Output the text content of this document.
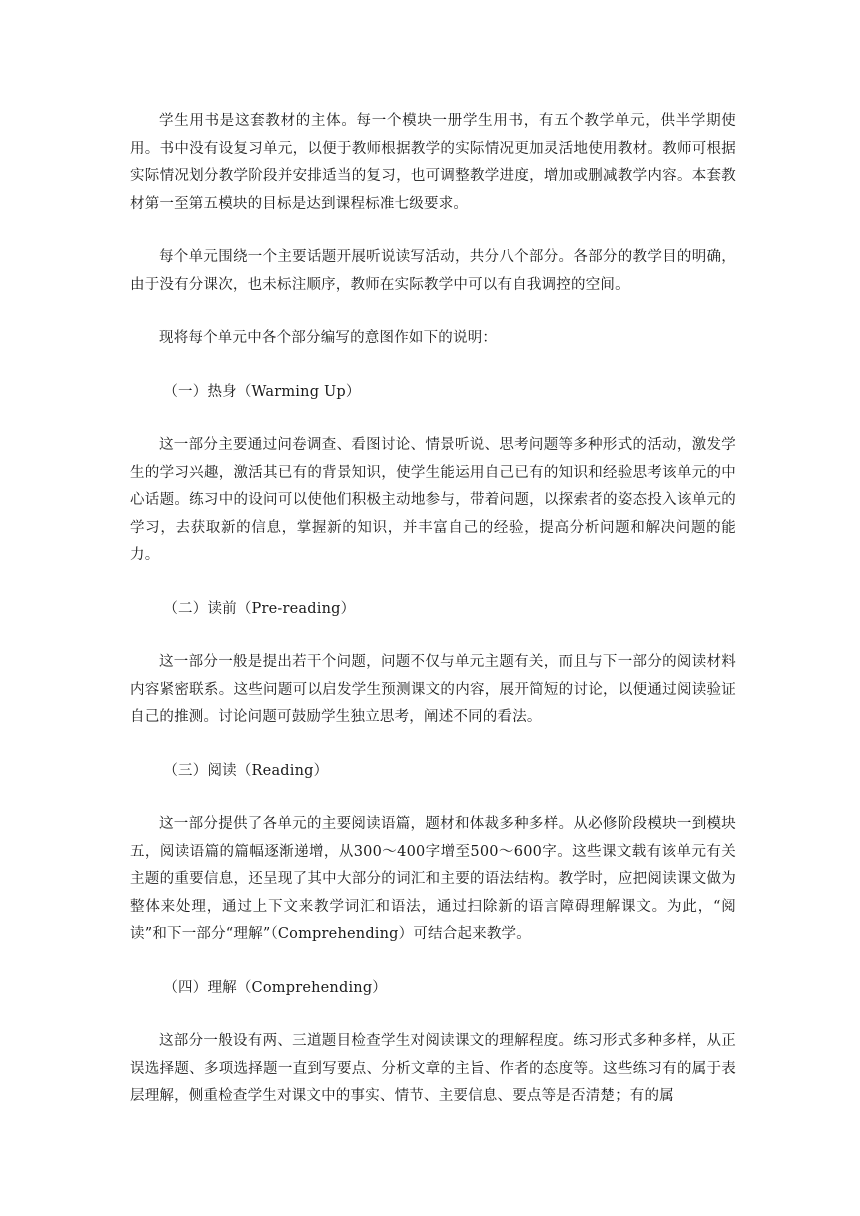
学生用书是这套教材的主体。每一个模块一册学生用书，有五个教学单元，供半学期使用。书中没有设复习单元，以便于教师根据教学的实际情况更加灵活地使用教材。教师可根据实际情况划分教学阶段并安排适当的复习，也可调整教学进度，增加或删减教学内容。本套教材第一至第五模块的目标是达到课程标准七级要求。

每个单元围绕一个主要话题开展听说读写活动，共分八个部分。各部分的教学目的明确，由于没有分课次，也未标注顺序，教师在实际教学中可以有自我调控的空间。

现将每个单元中各个部分编写的意图作如下的说明：

（一）热身（Warming Up）

这一部分主要通过问卷调查、看图讨论、情景听说、思考问题等多种形式的活动，激发学生的学习兴趣，激活其已有的背景知识，使学生能运用自己已有的知识和经验思考该单元的中心话题。练习中的设问可以使他们积极主动地参与，带着问题，以探索者的姿态投入该单元的学习，去获取新的信息，掌握新的知识，并丰富自己的经验，提高分析问题和解决问题的能力。

（二）读前（Pre-reading）

这一部分一般是提出若干个问题，问题不仅与单元主题有关，而且与下一部分的阅读材料内容紧密联系。这些问题可以启发学生预测课文的内容，展开简短的讨论，以便通过阅读验证自己的推测。讨论问题可鼓励学生独立思考，阐述不同的看法。

（三）阅读（Reading）

这一部分提供了各单元的主要阅读语篇，题材和体裁多种多样。从必修阶段模块一到模块五，阅读语篇的篇幅逐渐递增，从300～400字增至500～600字。这些课文载有该单元有关主题的重要信息，还呈现了其中大部分的词汇和主要的语法结构。教学时，应把阅读课文做为整体来处理，通过上下文来教学词汇和语法，通过扫除新的语言障碍理解课文。为此，“阅读”和下一部分“理解”（Comprehending）可结合起来教学。

（四）理解（Comprehending）

这部分一般设有两、三道题目检查学生对阅读课文的理解程度。练习形式多种多样，从正误选择题、多项选择题一直到写要点、分析文章的主旨、作者的态度等。这些练习有的属于表层理解，侧重检查学生对课文中的事实、情节、主要信息、要点等是否清楚；有的属
